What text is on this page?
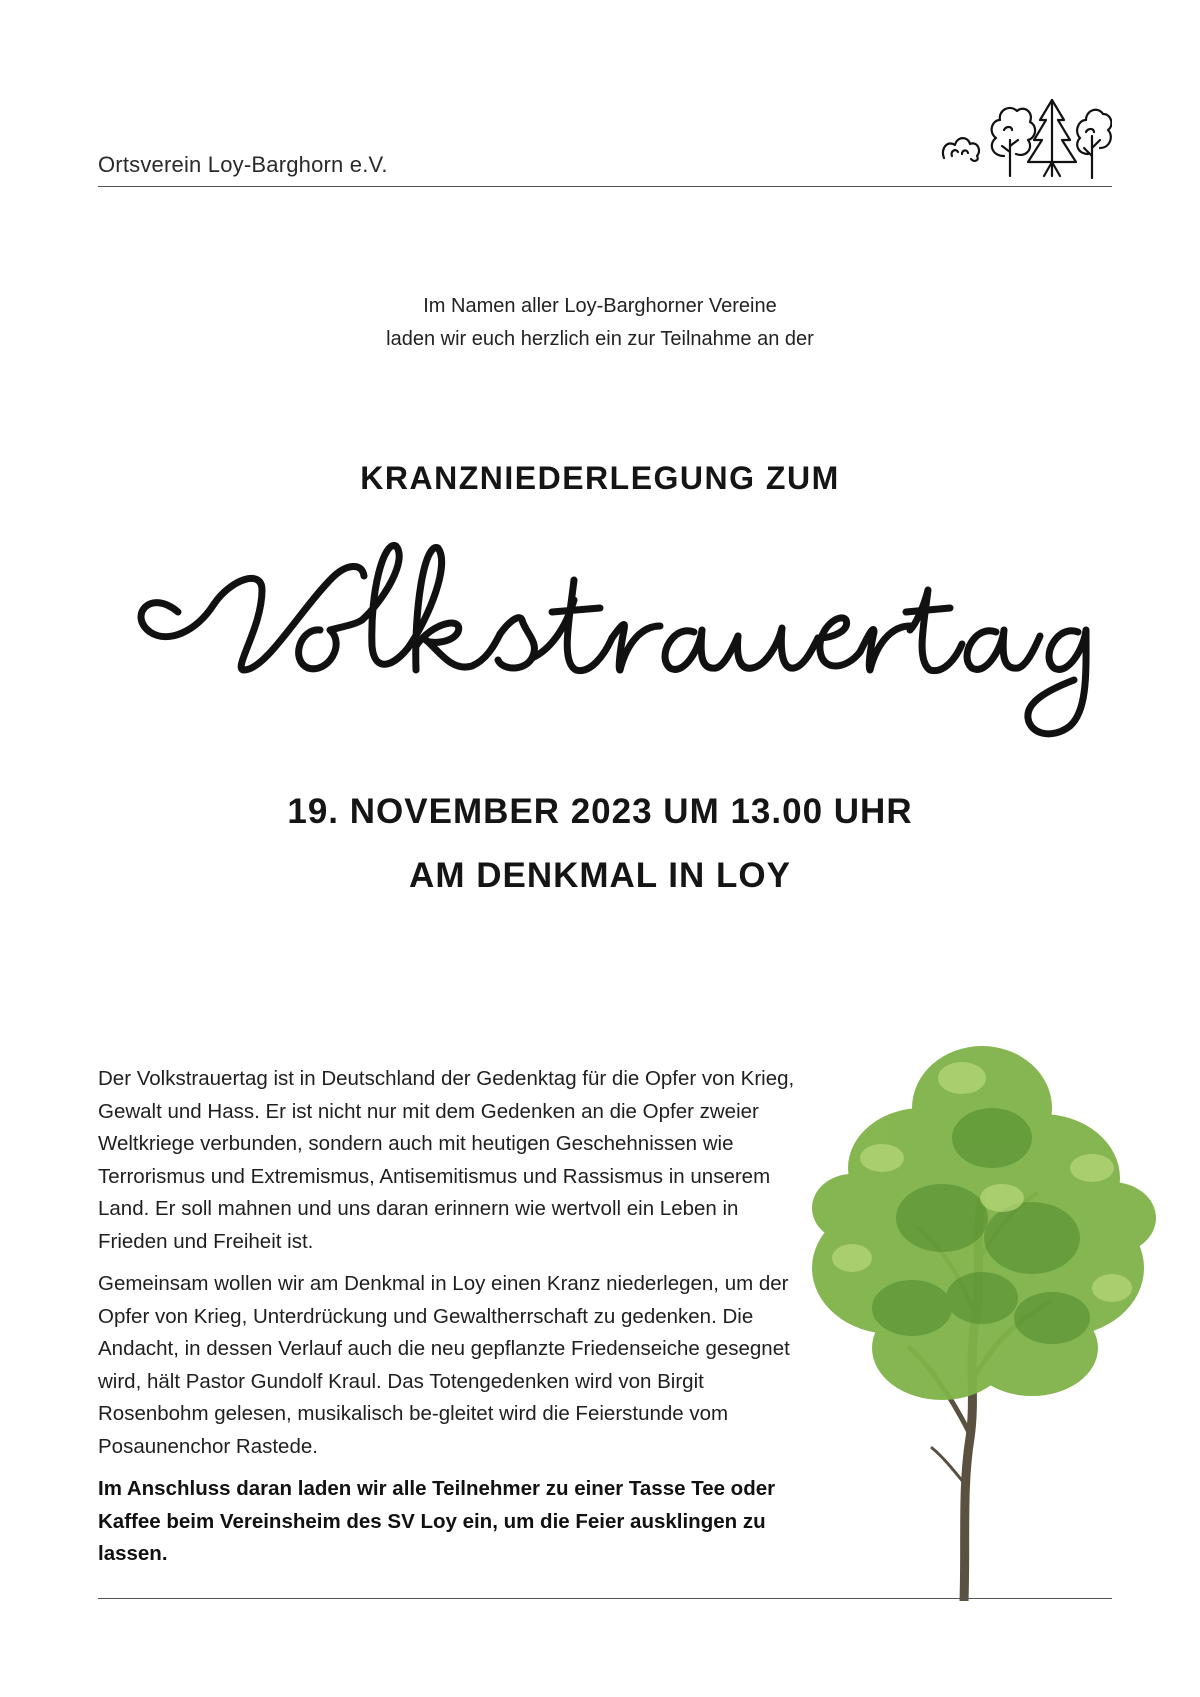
Ortsverein Loy-Barghorn e.V.
Im Namen aller Loy-Barghorner Vereine
laden wir euch herzlich ein zur Teilnahme an der
KRANZNIEDERLEGUNG ZUM
19. NOVEMBER 2023 UM 13.00 UHR
AM DENKMAL IN LOY

Der Volkstrauertag ist in Deutschland der Gedenktag für die Opfer von Krieg, Gewalt und Hass. Er ist nicht nur mit dem Gedenken an die Opfer zweier Weltkriege verbunden, sondern auch mit heutigen Geschehnissen wie Terrorismus und Extremismus, Antisemitismus und Rassismus in unserem Land. Er soll mahnen und uns daran erinnern wie wertvoll ein Leben in Frieden und Freiheit ist.

Gemeinsam wollen wir am Denkmal in Loy einen Kranz niederlegen, um der Opfer von Krieg, Unterdrückung und Gewaltherrschaft zu gedenken. Die Andacht, in dessen Verlauf auch die neu gepflanzte Friedenseiche gesegnet wird, hält Pastor Gundolf Kraul. Das Totengedenken wird von Birgit Rosenbohm gelesen, musikalisch be-gleitet wird die Feierstunde vom Posaunenchor Rastede.

Im Anschluss daran laden wir alle Teilnehmer zu einer Tasse Tee oder Kaffee beim Vereinsheim des SV Loy ein, um die Feier ausklingen zu lassen.
